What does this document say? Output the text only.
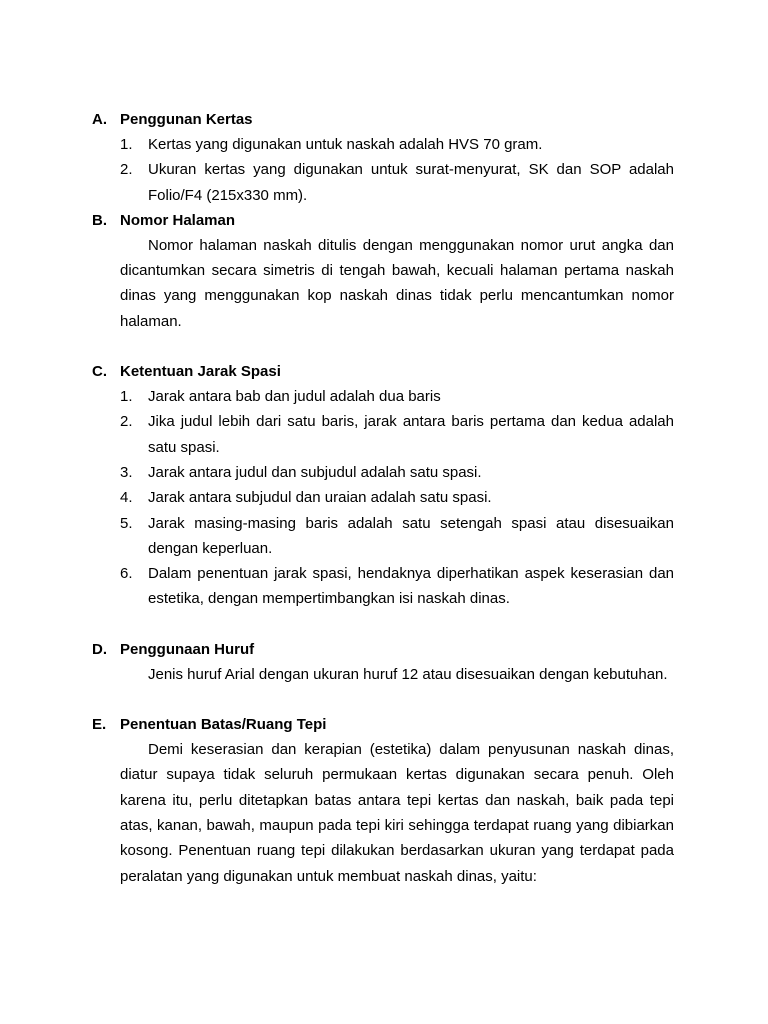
A. Penggunan Kertas
1. Kertas yang digunakan untuk naskah adalah HVS 70 gram.
2. Ukuran kertas yang digunakan untuk surat-menyurat, SK dan SOP adalah Folio/F4 (215x330 mm).
B. Nomor Halaman

Nomor halaman naskah ditulis dengan menggunakan nomor urut angka dan dicantumkan secara simetris di tengah bawah, kecuali halaman pertama naskah dinas yang menggunakan kop naskah dinas tidak perlu mencantumkan nomor halaman.

C. Ketentuan Jarak Spasi
1. Jarak antara bab dan judul adalah dua baris
2. Jika judul lebih dari satu baris, jarak antara baris pertama dan kedua adalah satu spasi.
3. Jarak antara judul dan subjudul adalah satu spasi.
4. Jarak antara subjudul dan uraian adalah satu spasi.
5. Jarak masing-masing baris adalah satu setengah spasi atau disesuaikan dengan keperluan.
6. Dalam penentuan jarak spasi, hendaknya diperhatikan aspek keserasian dan estetika, dengan mempertimbangkan isi naskah dinas.
D. Penggunaan Huruf

Jenis huruf Arial dengan ukuran huruf 12 atau disesuaikan dengan kebutuhan.

E. Penentuan Batas/Ruang Tepi

Demi keserasian dan kerapian (estetika) dalam penyusunan naskah dinas, diatur supaya tidak seluruh permukaan kertas digunakan secara penuh. Oleh karena itu, perlu ditetapkan batas antara tepi kertas dan naskah, baik pada tepi atas, kanan, bawah, maupun pada tepi kiri sehingga terdapat ruang yang dibiarkan kosong. Penentuan ruang tepi dilakukan berdasarkan ukuran yang terdapat pada peralatan yang digunakan untuk membuat naskah dinas, yaitu:
